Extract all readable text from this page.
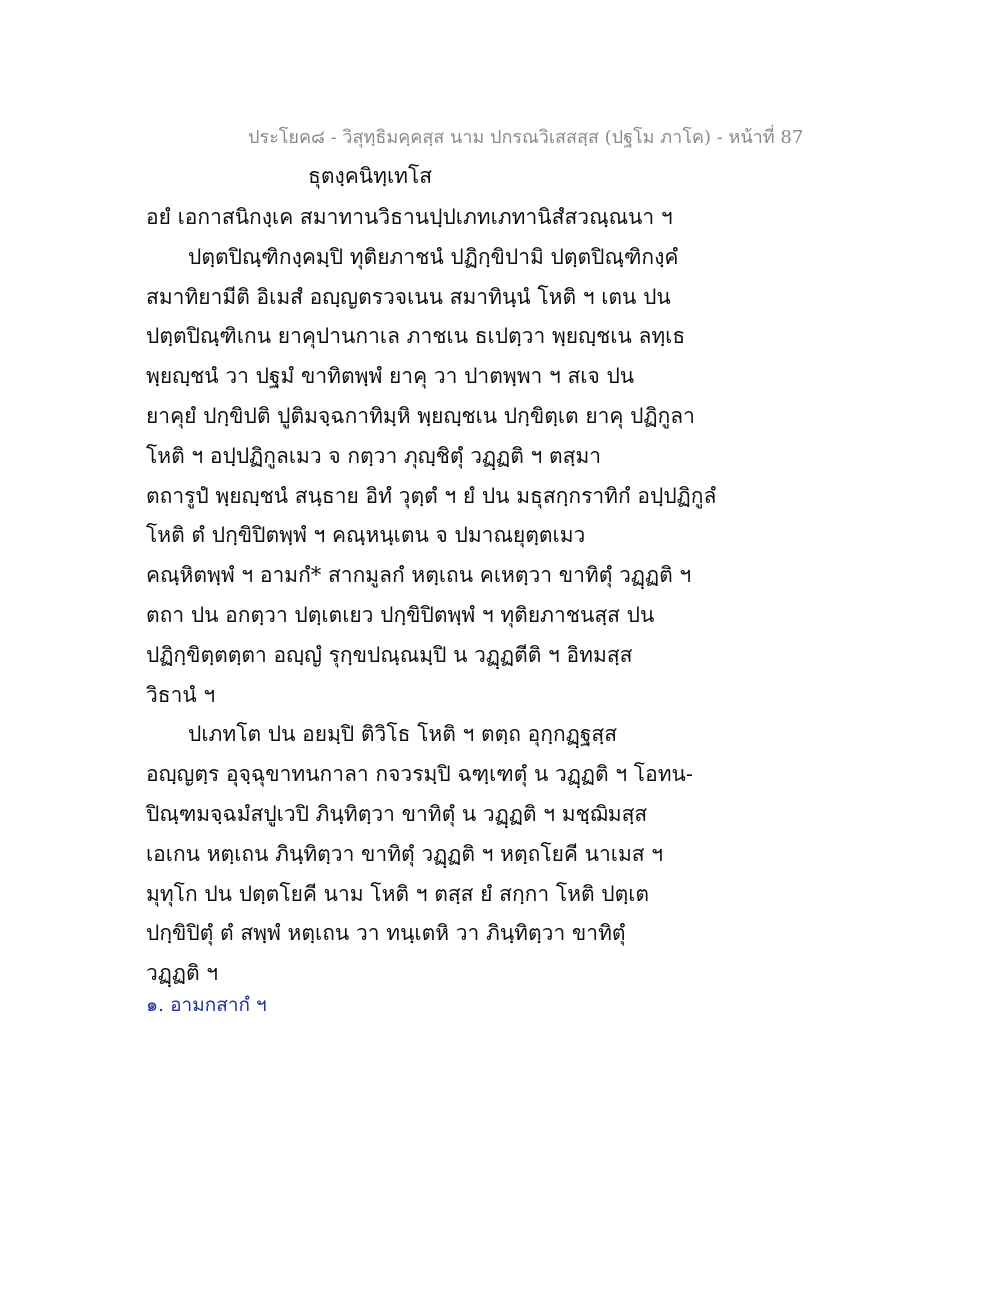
ประโยค๘ - วิสุทฺธิมคฺคสฺส นาม ปกรณวิเสสสฺส (ปฐโม ภาโค) - หน้าที่ 87
ธุตงฺคนิทฺเทโส
อยํ เอกาสนิกงฺเค สมาทานวิธานปฺปเภทเภทานิสํสวณฺณนา ฯ
ปตฺตปิณฺฑิกงฺคมฺปิ ทุติยภาชนํ ปฏิกฺขิปามิ ปตฺตปิณฺฑิกงฺคํ
สมาทิยามีติ อิเมสํ อญฺญตรวจเนน สมาทินฺนํ โหติ ฯ เตน ปน
ปตฺตปิณฺฑิเกน ยาคุปานกาเล ภาชเน ธเปตฺวา พฺยญฺชเน ลทฺเธ
พฺยญฺชนํ วา ปฐมํ ขาทิตพฺพํ ยาคุ วา ปาตพฺพา ฯ สเจ ปน
ยาคุยํ ปกฺขิปติ ปูติมจฺฉกาทิมฺหิ พฺยญฺชเน ปกฺขิตฺเต ยาคุ ปฏิกูลา
โหติ ฯ อปฺปฏิกูลเมว จ กตฺวา ภุญฺชิตุํ วฏฺฏติ ฯ ตสฺมา
ตถารูปํ พฺยญฺชนํ สนฺธาย อิทํ วุตฺตํ ฯ ยํ ปน มธุสกฺกราทิกํ อปฺปฏิกูลํ
โหติ ตํ ปกฺขิปิตพฺพํ ฯ คณฺหนฺเตน จ ปมาณยุตฺตเมว
คณฺหิตพฺพํ ฯ อามกํ* สากมูลกํ หตฺเถน คเหตฺวา ขาทิตุํ วฏฺฏติ ฯ
ตถา ปน อกตฺวา ปตฺเตเยว ปกฺขิปิตพฺพํ ฯ ทุติยภาชนสฺส ปน
ปฏิกฺขิตฺตตฺตา อญฺญํ รุกฺขปณฺณมฺปิ น วฏฺฏตีติ ฯ อิทมสฺส
วิธานํ ฯ
ปเภทโต ปน อยมฺปิ ติวิโธ โหติ ฯ ตตฺถ อุกฺกฏฺฐสฺส
อญฺญตฺร อุจฺฉุขาทนกาลา กจวรมฺปิ ฉฑฺเฑตุํ น วฏฺฏติ ฯ โอทน-
ปิณฺฑมจฺฉมํสปูเวปิ ภินฺทิตฺวา ขาทิตุํ น วฏฺฏติ ฯ มชฺฌิมสฺส
เอเกน หตฺเถน ภินฺทิตฺวา ขาทิตุํ วฏฺฏติ ฯ หตฺถโยคี นาเมส ฯ
มุทุโก ปน ปตฺตโยคี นาม โหติ ฯ ตสฺส ยํ สกฺกา โหติ ปตฺเต
ปกฺขิปิตุํ ตํ สพฺพํ หตฺเถน วา ทนฺเตหิ วา ภินฺทิตฺวา ขาทิตุํ
วฏฺฏติ ฯ
๑. อามกสากํ ฯ
